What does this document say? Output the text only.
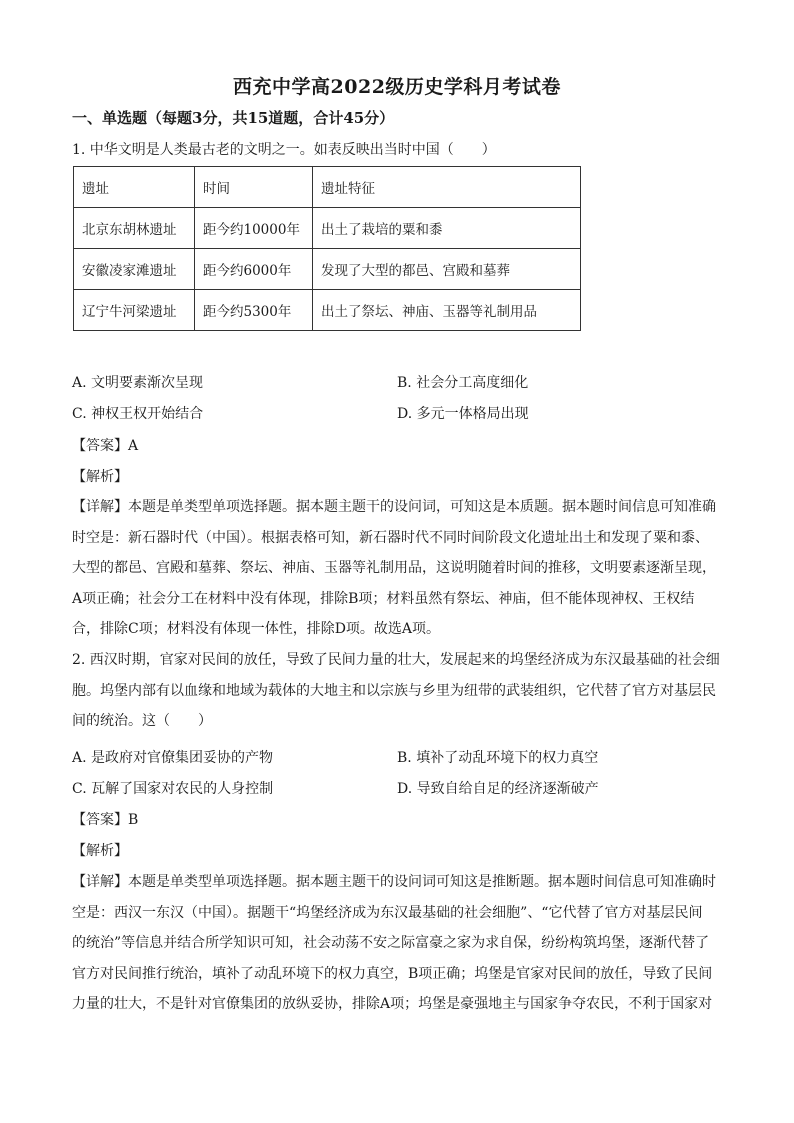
西充中学高2022级历史学科月考试卷
一、单选题（每题3分，共15道题，合计45分）
1. 中华文明是人类最古老的文明之一。如表反映出当时中国（　　）
遗址	时间	遗址特征
北京东胡林遗址	距今约10000年	出土了栽培的粟和黍
安徽凌家滩遗址	距今约6000年	发现了大型的都邑、宫殿和墓葬
辽宁牛河梁遗址	距今约5300年	出土了祭坛、神庙、玉器等礼制用品
A. 文明要素渐次呈现	B. 社会分工高度细化
C. 神权王权开始结合	D. 多元一体格局出现
【答案】A
【解析】
【详解】本题是单类型单项选择题。据本题主题干的设问词，可知这是本质题。据本题时间信息可知准确
时空是：新石器时代（中国）。根据表格可知，新石器时代不同时间阶段文化遗址出土和发现了粟和黍、
大型的都邑、宫殿和墓葬、祭坛、神庙、玉器等礼制用品，这说明随着时间的推移，文明要素逐渐呈现，
A项正确；社会分工在材料中没有体现，排除B项；材料虽然有祭坛、神庙，但不能体现神权、王权结
合，排除C项；材料没有体现一体性，排除D项。故选A项。
2. 西汉时期，官家对民间的放任，导致了民间力量的壮大，发展起来的坞堡经济成为东汉最基础的社会细
胞。坞堡内部有以血缘和地域为载体的大地主和以宗族与乡里为纽带的武装组织，它代替了官方对基层民
间的统治。这（　　）
A. 是政府对官僚集团妥协的产物	B. 填补了动乱环境下的权力真空
C. 瓦解了国家对农民的人身控制	D. 导致自给自足的经济逐渐破产
【答案】B
【解析】
【详解】本题是单类型单项选择题。据本题主题干的设问词可知这是推断题。据本题时间信息可知准确时
空是：西汉一东汉（中国）。据题干“坞堡经济成为东汉最基础的社会细胞”、“它代替了官方对基层民间
的统治”等信息并结合所学知识可知，社会动荡不安之际富豪之家为求自保，纷纷构筑坞堡，逐渐代替了
官方对民间推行统治，填补了动乱环境下的权力真空，B项正确；坞堡是官家对民间的放任，导致了民间
力量的壮大，不是针对官僚集团的放纵妥协，排除A项；坞堡是豪强地主与国家争夺农民，不利于国家对
